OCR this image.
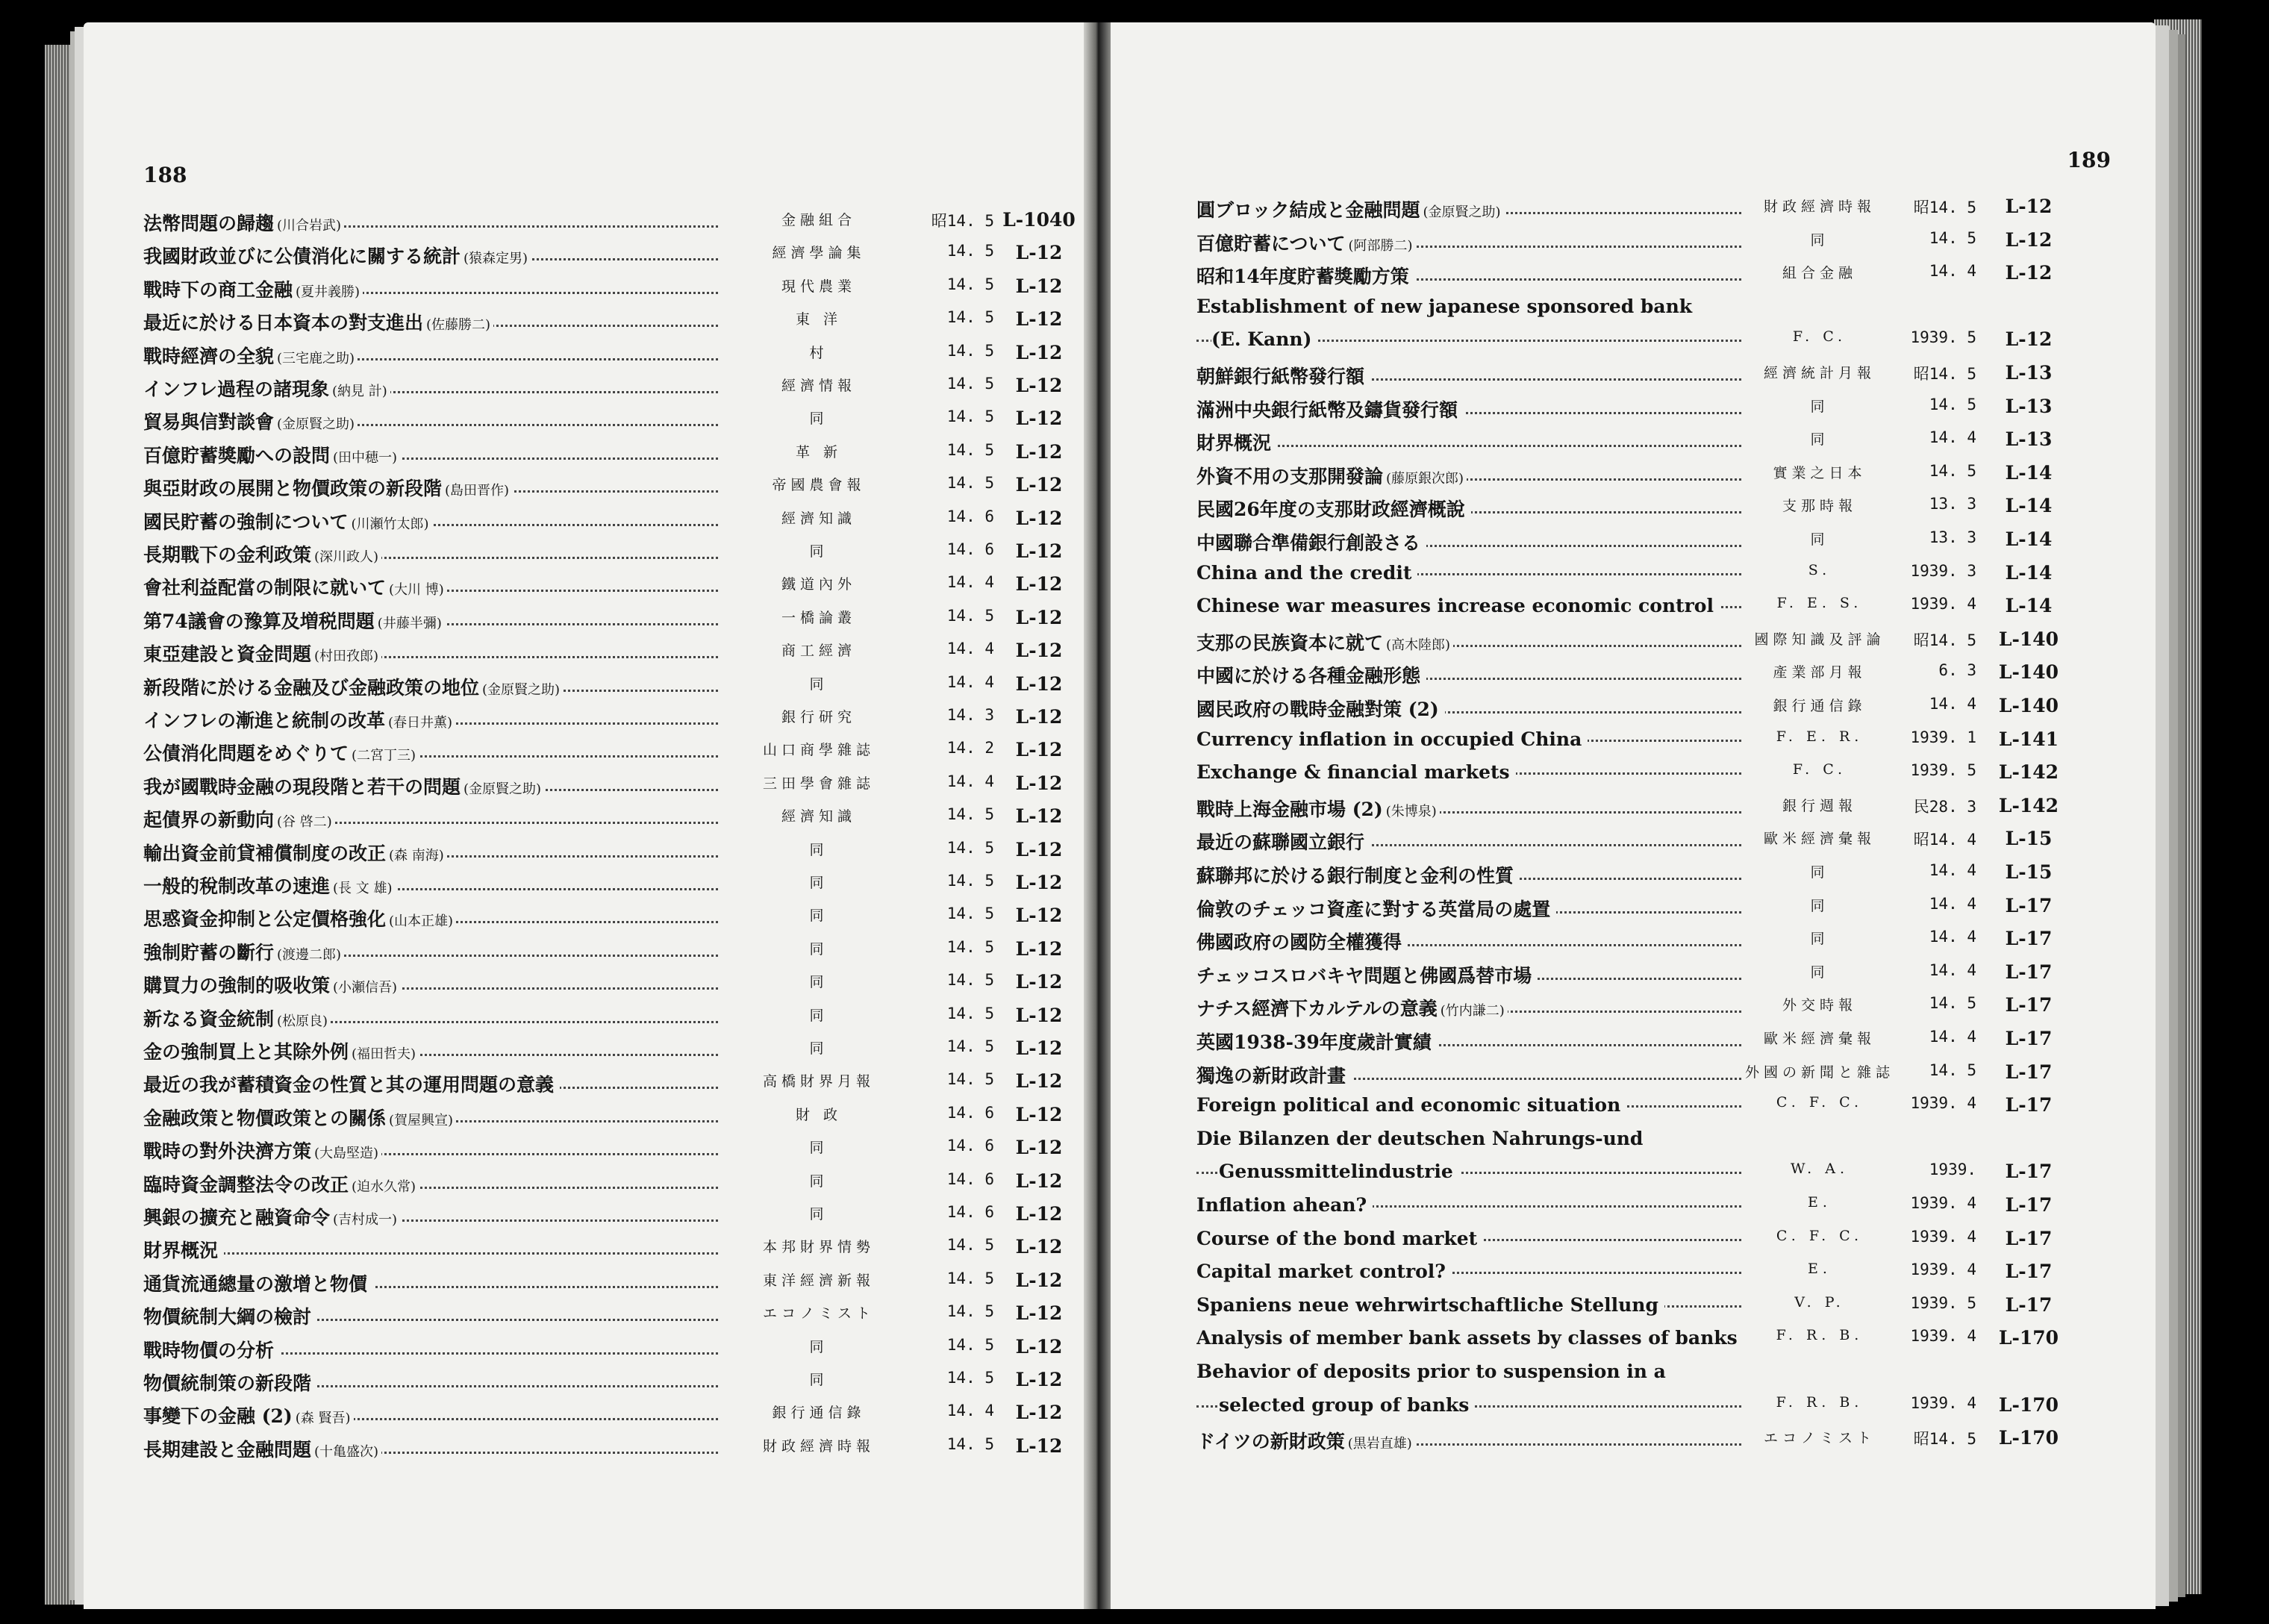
188
法幣問題の歸趨 (川合岩武)	金融組合	昭14. 5 L-1040
我國財政並びに公債消化に關する統計 (猿森定男)	經濟學論集	14. 5	L-12
戰時下の商工金融 (夏井義勝)	現代農業	14. 5	L-12
最近に於ける日本資本の對支進出 (佐藤勝二)	東 洋	14. 5	L-12
戰時經濟の全貌 (三宅鹿之助)	村	14. 5	L-12
インフレ過程の諸現象 (納見 計)	經濟情報	14. 5	L-12
貿易與信對談會 (金原賢之助)	同	14. 5	L-12
百億貯蓄獎勵への設問 (田中穂一)	革 新	14. 5	L-12
與亞財政の展開と物價政策の新段階 (島田晋作)	帝國農會報	14. 5	L-12
國民貯蓄の強制について (川瀬竹太郎)	經濟知識	14. 6	L-12
長期戰下の金利政策 (深川政人)	同	14. 6	L-12
會社利益配當の制限に就いて (大川 博)	鐵道內外	14. 4	L-12
第74議會の豫算及増税問題 (井藤半彌)	一橋論叢	14. 5	L-12
東亞建設と資金問題 (村田孜郎)	商工經濟	14. 4	L-12
新段階に於ける金融及び金融政策の地位 (金原賢之助)	同	14. 4	L-12
インフレの漸進と統制の改革 (春日井薫)	銀行研究	14. 3	L-12
公債消化問題をめぐりて (二宮丁三)	山口商學雜誌	14. 2	L-12
我が國戰時金融の現段階と若干の問題 (金原賢之助)	三田學會雜誌	14. 4	L-12
起債界の新動向 (谷 啓二)	經濟知識	14. 5	L-12
輸出資金前貸補償制度の改正 (森 南海)	同	14. 5	L-12
一般的稅制改革の速進 (長 文 雄)	同	14. 5	L-12
思惑資金抑制と公定價格強化 (山本正雄)	同	14. 5	L-12
強制貯蓄の斷行 (渡邊二郎)	同	14. 5	L-12
購買力の強制的吸收策 (小瀬信吾)	同	14. 5	L-12
新なる資金統制 (松原良)	同	14. 5	L-12
金の強制買上と其除外例 (福田哲夫)	同	14. 5	L-12
最近の我が蓄積資金の性質と其の運用問題の意義	高橋財界月報	14. 5	L-12
金融政策と物價政策との關係 (賀屋興宣)	財 政	14. 6	L-12
戰時の對外決濟方策 (大島堅造)	同	14. 6	L-12
臨時資金調整法令の改正 (迫水久常)	同	14. 6	L-12
興銀の擴充と融資命令 (吉村成一)	同	14. 6	L-12
財界概況	本邦財界情勢	14. 5	L-12
通貨流通總量の激增と物價	東洋經濟新報	14. 5	L-12
物價統制大綱の檢討	エコノミスト	14. 5	L-12
戰時物價の分析	同	14. 5	L-12
物價統制策の新段階	同	14. 5	L-12
事變下の金融 (2) (森 賢吾)	銀行通信錄	14. 4	L-12
長期建設と金融問題 (十亀盛次)	財政經濟時報	14. 5	L-12
189
圓ブロック結成と金融問題 (金原賢之助)	財政經濟時報	昭14. 5	L-12
百億貯蓄について (阿部勝二)	同	14. 5	L-12
昭和14年度貯蓄獎勵方策	組合金融	14. 4	L-12
Establishment of new japanese sponsored bank
(E. Kann)	F. C.	1939. 5	L-12
朝鮮銀行紙幣發行額	經濟統計月報	昭14. 5	L-13
滿洲中央銀行紙幣及鑄貨發行額	同	14. 5	L-13
財界概況	同	14. 4	L-13
外資不用の支那開發論 (藤原銀次郎)	實業之日本	14. 5	L-14
民國26年度の支那財政經濟概說	支那時報	13. 3	L-14
中國聯合準備銀行創設さる	同	13. 3	L-14
China and the credit	S.	1939. 3	L-14
Chinese war measures increase economic control	F. E. S.	1939. 4	L-14
支那の民族資本に就て (高木陸郎)	國際知識及評論	昭14. 5	L-140
中國に於ける各種金融形態	產業部月報	6. 3	L-140
國民政府の戰時金融對策 (2)	銀行通信錄	14. 4	L-140
Currency inflation in occupied China	F. E. R.	1939. 1	L-141
Exchange & financial markets	F. C.	1939. 5	L-142
戰時上海金融市場 (2) (朱博泉)	銀行週報	民28. 3	L-142
最近の蘇聯國立銀行	歐米經濟彙報	昭14. 4	L-15
蘇聯邦に於ける銀行制度と金利の性質	同	14. 4	L-15
倫敦のチェッコ資產に對する英當局の處置	同	14. 4	L-17
佛國政府の國防全權獲得	同	14. 4	L-17
チェッコスロバキヤ問題と佛國爲替市場	同	14. 4	L-17
ナチス經濟下カルテルの意義 (竹内謙二)	外交時報	14. 5	L-17
英國1938-39年度歲計實績	歐米經濟彙報	14. 4	L-17
獨逸の新財政計畫	外國の新聞と雜誌	14. 5	L-17
Foreign political and economic situation	C. F. C.	1939. 4	L-17
Die Bilanzen der deutschen Nahrungs-und
Genussmittelindustrie	W. A.	1939.	L-17
Inflation ahean?	E.	1939. 4	L-17
Course of the bond market	C. F. C.	1939. 4	L-17
Capital market control?	E.	1939. 4	L-17
Spaniens neue wehrwirtschaftliche Stellung	V. P.	1939. 5	L-17
Analysis of member bank assets by classes of banks	F. R. B.	1939. 4	L-170
Behavior of deposits prior to suspension in a
selected group of banks	F. R. B.	1939. 4	L-170
ドイツの新財政策 (黒岩直雄)	エコノミスト	昭14. 5	L-170
